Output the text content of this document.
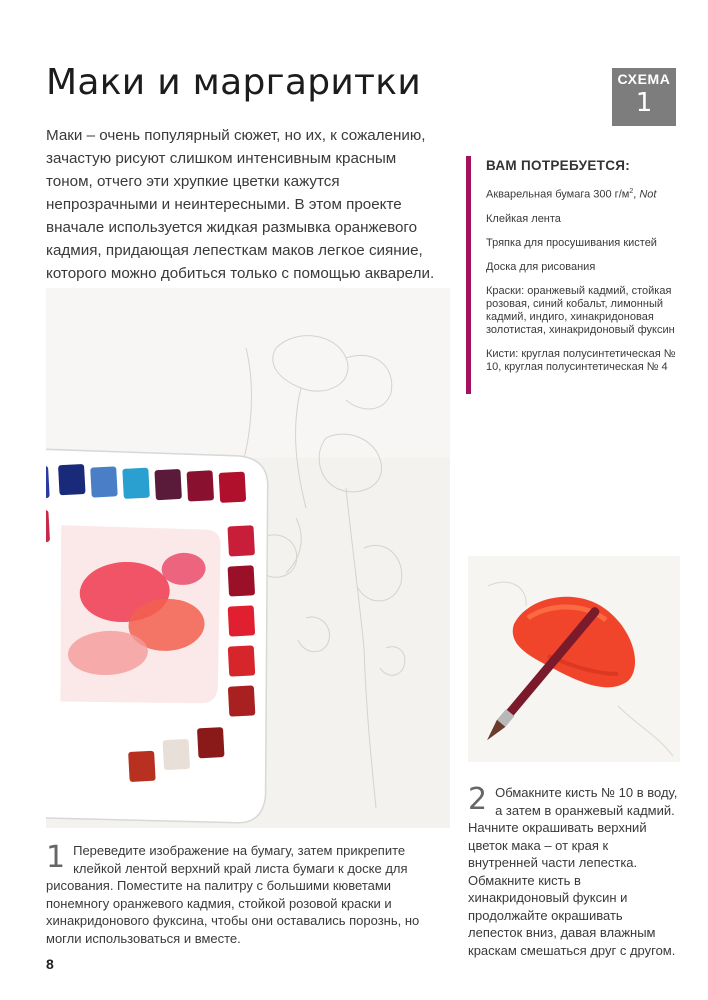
Маки и маргаритки	СХЕМА
1

Маки – очень популярный сюжет, но их, к сожалению, зачастую рисуют слишком интенсивным красным тоном, отчего эти хрупкие цветки кажутся непрозрачными и неинтересными. В этом проекте вначале используется жидкая размывка оранжевого кадмия, придающая лепесткам маков легкое сияние, которого можно добиться только с помощью акварели.

ВАМ ПОТРЕБУЕТСЯ:
Акварельная бумага 300 $г/м^2$, Not
Клейкая лента
Тряпка для просушивания кистей
Доска для рисования
Краски: оранжевый кадмий, стойкая розовая, синий кобальт, лимонный кадмий, индиго, хинакридоновая золотистая, хинакридоновый фуксин
Кисти: круглая полусинтетическая № 10, круглая полусинтетическая № 4
1 Переведите изображение на бумагу, затем прикрепите клейкой лентой верхний край листа бумаги к доске для рисования. Поместите на палитру с большими кюветами понемногу оранжевого кадмия, стойкой розовой краски и хинакридонового фуксина, чтобы они оставались порознь, но могли использоваться и вместе.
2 Обмакните кисть № 10 в воду, а затем в оранжевый кадмий. Начните окрашивать верхний цветок мака – от края к внутренней части лепестка. Обмакните кисть в хинакридоновый фуксин и продолжайте окрашивать лепесток вниз, давая влажным краскам смешаться друг с другом.
8
